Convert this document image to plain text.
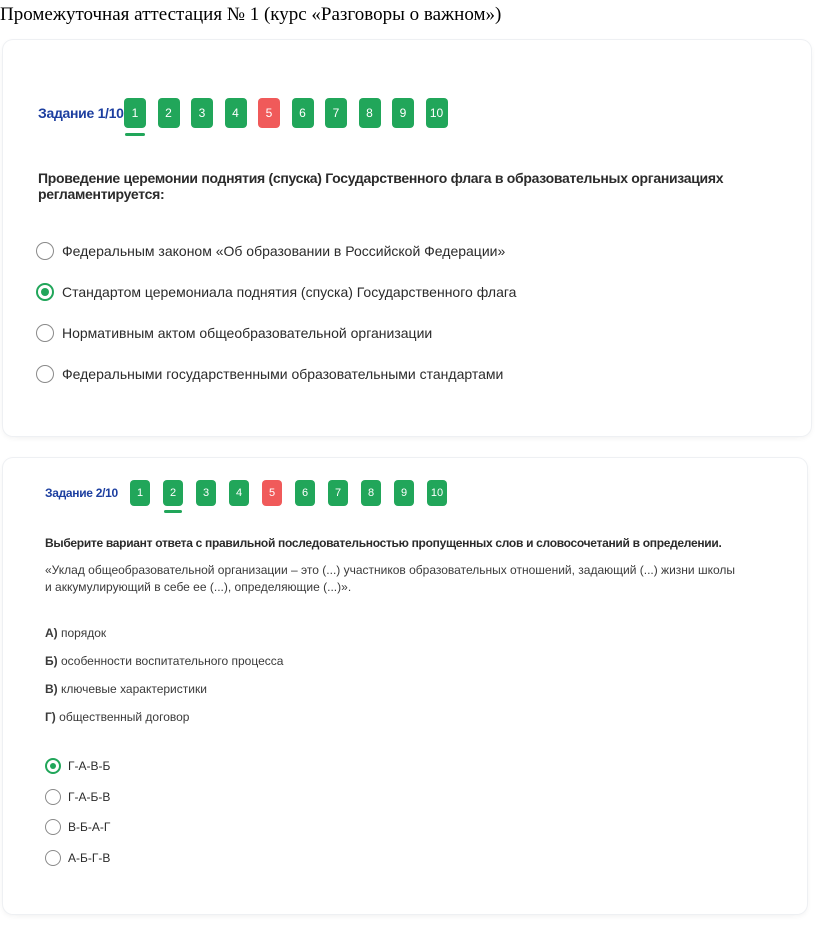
Промежуточная аттестация № 1 (курс «Разговоры о важном»)
Задание 1/10 1	2	3	4	5	6	7	8	9	10
Проведение церемонии поднятия (спуска) Государственного флага в образовательных организациях регламентируется:
Федеральным законом «Об образовании в Российской Федерации»
Стандартом церемониала поднятия (спуска) Государственного флага
Нормативным актом общеобразовательной организации
Федеральными государственными образовательными стандартами
Задание 2/10	1	2	3	4	5	6	7	8	9	10
Выберите вариант ответа с правильной последовательностью пропущенных слов и словосочетаний в определении.
«Уклад общеобразовательной организации – это (...) участников образовательных отношений, задающий (...) жизни школы и аккумулирующий в себе ее (...), определяющие (...)».
А) порядок
Б) особенности воспитательного процесса
В) ключевые характеристики
Г) общественный договор
Г-А-В-Б
Г-А-Б-В
В-Б-А-Г
А-Б-Г-В
